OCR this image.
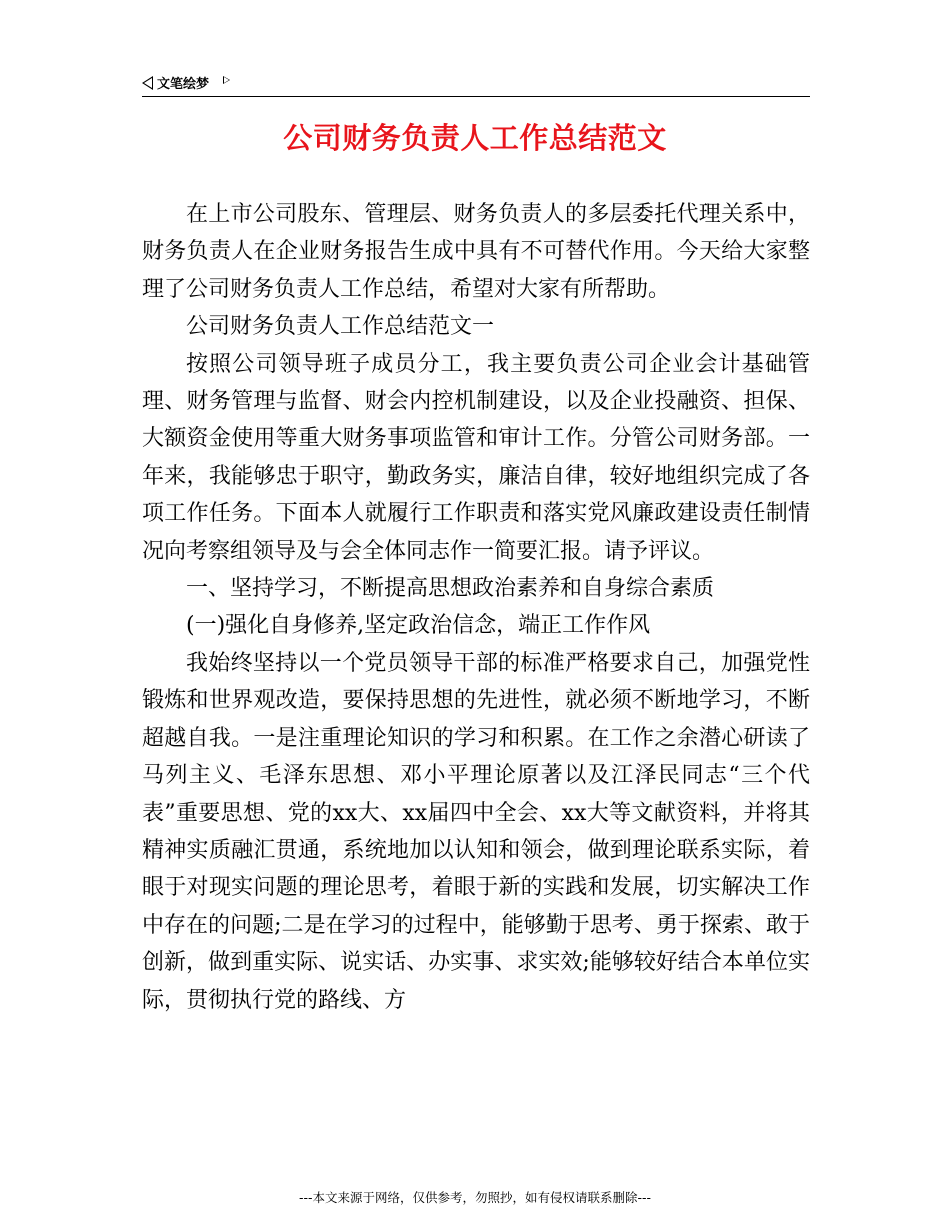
文笔绘梦
公司财务负责人工作总结范文

在上市公司股东、管理层、财务负责人的多层委托代理关系中，财务负责人在企业财务报告生成中具有不可替代作用。今天给大家整理了公司财务负责人工作总结，希望对大家有所帮助。

公司财务负责人工作总结范文一

按照公司领导班子成员分工，我主要负责公司企业会计基础管理、财务管理与监督、财会内控机制建设，以及企业投融资、担保、大额资金使用等重大财务事项监管和审计工作。分管公司财务部。一年来，我能够忠于职守，勤政务实，廉洁自律，较好地组织完成了各项工作任务。下面本人就履行工作职责和落实党风廉政建设责任制情况向考察组领导及与会全体同志作一简要汇报。请予评议。

一、坚持学习，不断提高思想政治素养和自身综合素质

(一)强化自身修养,坚定政治信念，端正工作作风

我始终坚持以一个党员领导干部的标准严格要求自己，加强党性锻炼和世界观改造，要保持思想的先进性，就必须不断地学习，不断超越自我。一是注重理论知识的学习和积累。在工作之余潜心研读了马列主义、毛泽东思想、邓小平理论原著以及江泽民同志“三个代表”重要思想、党的xx大、xx届四中全会、xx大等文献资料，并将其精神实质融汇贯通，系统地加以认知和领会，做到理论联系实际，着眼于对现实问题的理论思考，着眼于新的实践和发展，切实解决工作中存在的问题;二是在学习的过程中，能够勤于思考、勇于探索、敢于创新，做到重实际、说实话、办实事、求实效;能够较好结合本单位实际，贯彻执行党的路线、方

---本文来源于网络，仅供参考，勿照抄，如有侵权请联系删除---
